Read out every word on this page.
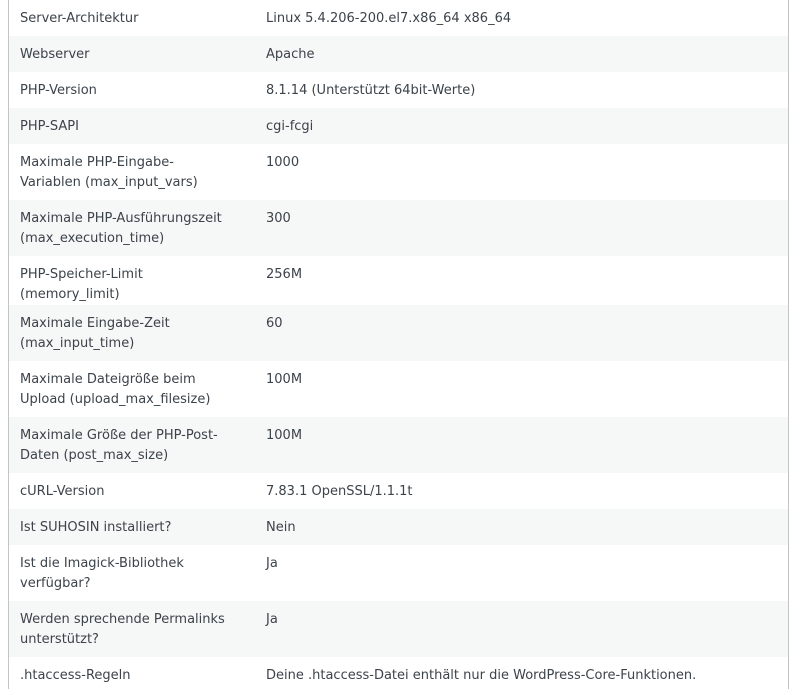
Server-Architektur	Linux 5.4.206-200.el7.x86_64 x86_64
Webserver	Apache
PHP-Version	8.1.14 (Unterstützt 64bit-Werte)
PHP-SAPI	cgi-fcgi
Maximale PHP-Eingabe-Variablen (max_input_vars)	1000
Maximale PHP-Ausführungszeit (max_execution_time)	300
PHP-Speicher-Limit (memory_limit)	256M
Maximale Eingabe-Zeit (max_input_time)	60
Maximale Dateigröße beim Upload (upload_max_filesize)	100M
Maximale Größe der PHP-Post-Daten (post_max_size)	100M
cURL-Version	7.83.1 OpenSSL/1.1.1t
Ist SUHOSIN installiert?	Nein
Ist die Imagick-Bibliothek verfügbar?	Ja
Werden sprechende Permalinks unterstützt?	Ja
.htaccess-Regeln	Deine .htaccess-Datei enthält nur die WordPress-Core-Funktionen.
